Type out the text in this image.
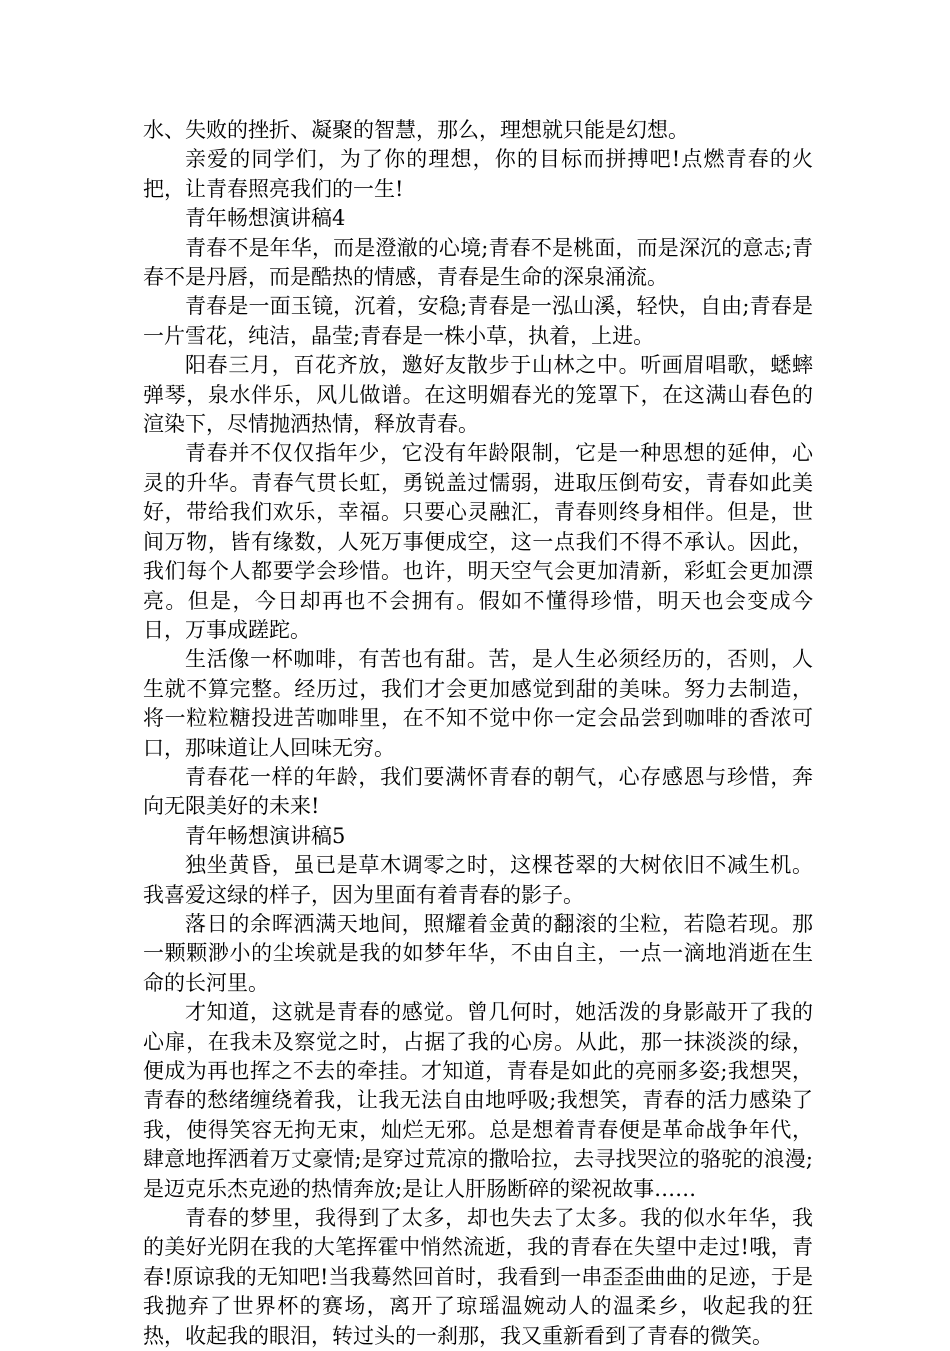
水、失败的挫折、凝聚的智慧，那么，理想就只能是幻想。

亲爱的同学们，为了你的理想，你的目标而拼搏吧!点燃青春的火把，让青春照亮我们的一生!

青年畅想演讲稿4

青春不是年华，而是澄澈的心境;青春不是桃面，而是深沉的意志;青春不是丹唇，而是酷热的情感，青春是生命的深泉涌流。

青春是一面玉镜，沉着，安稳;青春是一泓山溪，轻快，自由;青春是一片雪花，纯洁，晶莹;青春是一株小草，执着，上进。

阳春三月，百花齐放，邀好友散步于山林之中。听画眉唱歌，蟋蟀弹琴，泉水伴乐，风儿做谱。在这明媚春光的笼罩下，在这满山春色的渲染下，尽情抛洒热情，释放青春。

青春并不仅仅指年少，它没有年龄限制，它是一种思想的延伸，心灵的升华。青春气贯长虹，勇锐盖过懦弱，进取压倒苟安，青春如此美好，带给我们欢乐，幸福。只要心灵融汇，青春则终身相伴。但是，世间万物，皆有缘数，人死万事便成空，这一点我们不得不承认。因此，我们每个人都要学会珍惜。也许，明天空气会更加清新，彩虹会更加漂亮。但是，今日却再也不会拥有。假如不懂得珍惜，明天也会变成今日，万事成蹉跎。

生活像一杯咖啡，有苦也有甜。苦，是人生必须经历的，否则，人生就不算完整。经历过，我们才会更加感觉到甜的美味。努力去制造，将一粒粒糖投进苦咖啡里，在不知不觉中你一定会品尝到咖啡的香浓可口，那味道让人回味无穷。

青春花一样的年龄，我们要满怀青春的朝气，心存感恩与珍惜，奔向无限美好的未来!

青年畅想演讲稿5

独坐黄昏，虽已是草木调零之时，这棵苍翠的大树依旧不减生机。我喜爱这绿的样子，因为里面有着青春的影子。

落日的余晖洒满天地间，照耀着金黄的翻滚的尘粒，若隐若现。那一颗颗渺小的尘埃就是我的如梦年华，不由自主，一点一滴地消逝在生命的长河里。

才知道，这就是青春的感觉。曾几何时，她活泼的身影敲开了我的心扉，在我未及察觉之时，占据了我的心房。从此，那一抹淡淡的绿，便成为再也挥之不去的牵挂。才知道，青春是如此的亮丽多姿;我想哭，青春的愁绪缠绕着我，让我无法自由地呼吸;我想笑，青春的活力感染了我，使得笑容无拘无束，灿烂无邪。总是想着青春便是革命战争年代，肆意地挥洒着万丈豪情;是穿过荒凉的撒哈拉，去寻找哭泣的骆驼的浪漫;是迈克乐杰克逊的热情奔放;是让人肝肠断碎的梁祝故事……

青春的梦里，我得到了太多，却也失去了太多。我的似水年华，我的美好光阴在我的大笔挥霍中悄然流逝，我的青春在失望中走过!哦，青春!原谅我的无知吧!当我蓦然回首时，我看到一串歪歪曲曲的足迹，于是我抛弃了世界杯的赛场，离开了琼瑶温婉动人的温柔乡，收起我的狂热，收起我的眼泪，转过头的一刹那，我又重新看到了青春的微笑。
